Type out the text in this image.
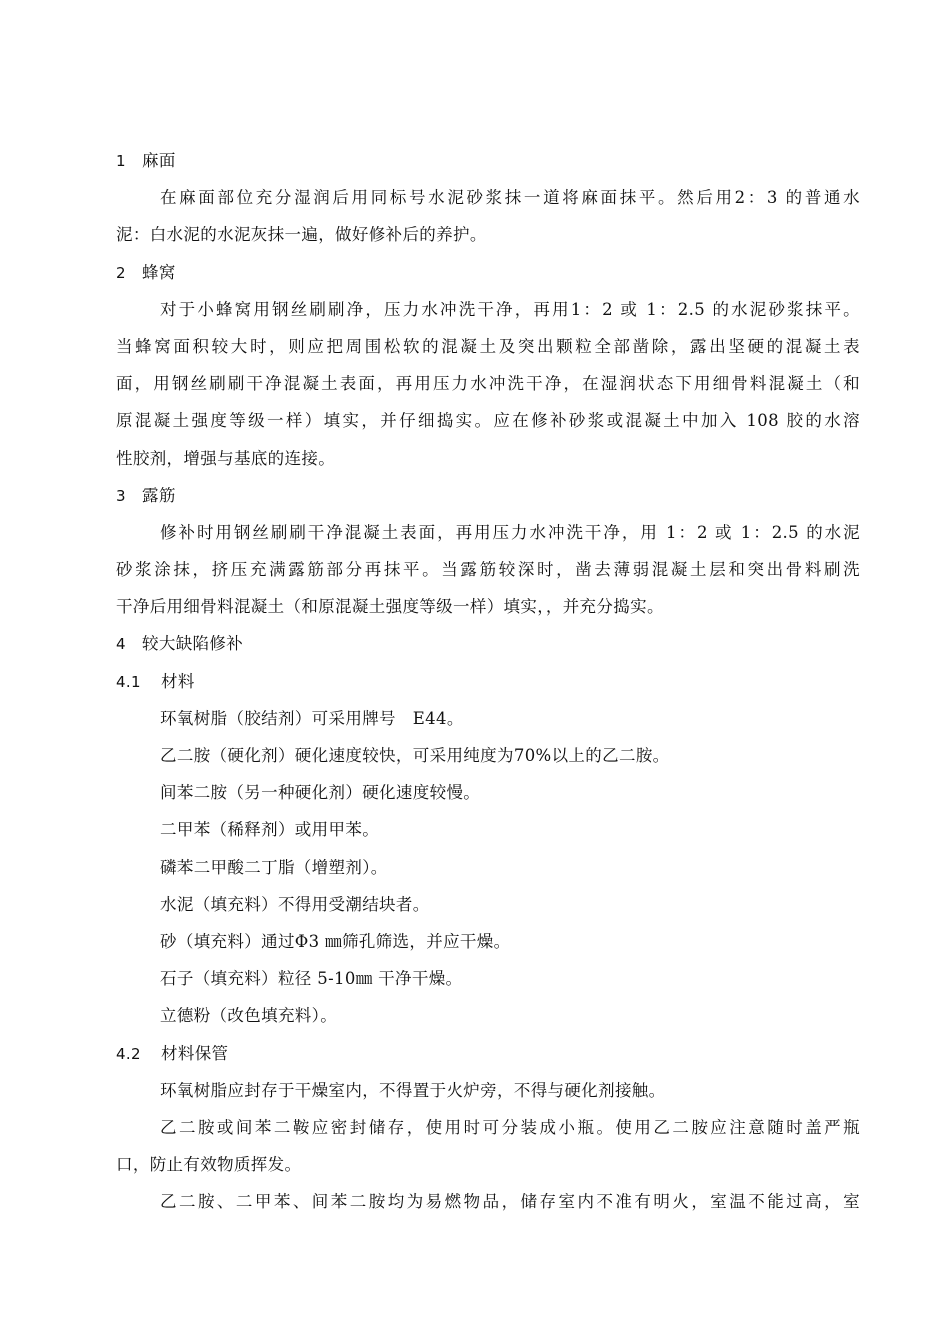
1 麻面
在麻面部位充分湿润后用同标号水泥砂浆抹一道将麻面抹平。然后用2：3 的普通水
泥：白水泥的水泥灰抹一遍，做好修补后的养护。
2 蜂窝
对于小蜂窝用钢丝刷刷净，压力水冲洗干净，再用1：2 或 1：2.5 的水泥砂浆抹平。
当蜂窝面积较大时，则应把周围松软的混凝土及突出颗粒全部凿除，露出坚硬的混凝土表
面，用钢丝刷刷干净混凝土表面，再用压力水冲洗干净，在湿润状态下用细骨料混凝土（和
原混凝土强度等级一样）填实，并仔细捣实。应在修补砂浆或混凝土中加入 108 胶的水溶
性胶剂，增强与基底的连接。
3 露筋
修补时用钢丝刷刷干净混凝土表面，再用压力水冲洗干净，用 1：2 或 1：2.5 的水泥
砂浆涂抹，挤压充满露筋部分再抹平。当露筋较深时，凿去薄弱混凝土层和突出骨料刷洗
干净后用细骨料混凝土（和原混凝土强度等级一样）填实，，并充分捣实。
4 较大缺陷修补
4.1 材料
环氧树脂（胶结剂）可采用牌号　E44。
乙二胺（硬化剂）硬化速度较快，可采用纯度为70%以上的乙二胺。
间苯二胺（另一种硬化剂）硬化速度较慢。
二甲苯（稀释剂）或用甲苯。
磷苯二甲酸二丁脂（增塑剂）。
水泥（填充料）不得用受潮结块者。
砂（填充料）通过Φ3 ㎜筛孔筛选，并应干燥。
石子（填充料）粒径 5-10㎜ 干净干燥。
立德粉（改色填充料）。
4.2 材料保管
环氧树脂应封存于干燥室内，不得置于火炉旁，不得与硬化剂接触。
乙二胺或间苯二鞍应密封储存，使用时可分装成小瓶。使用乙二胺应注意随时盖严瓶
口，防止有效物质挥发。
乙二胺、二甲苯、间苯二胺均为易燃物品，储存室内不准有明火，室温不能过高，室
